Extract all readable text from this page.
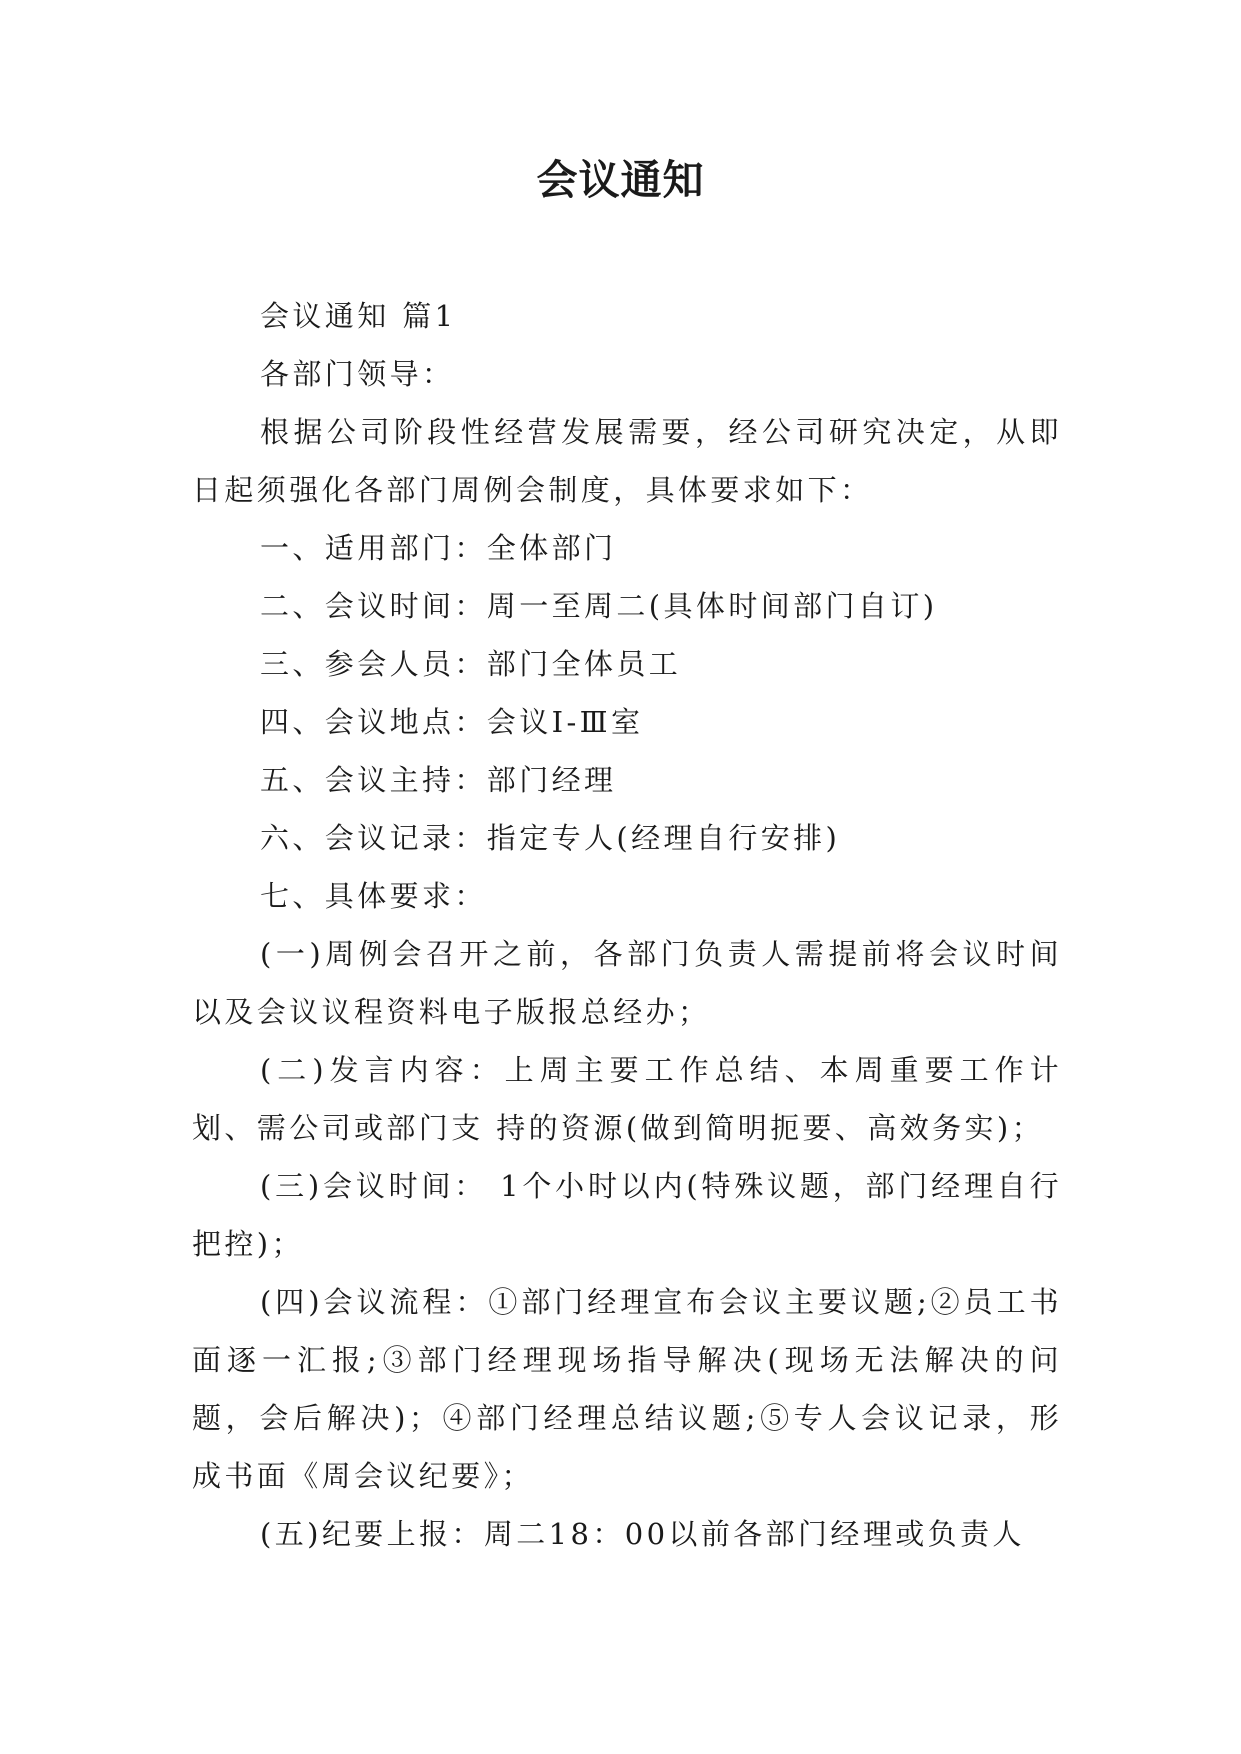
会议通知

会议通知 篇1

各部门领导：

根据公司阶段性经营发展需要，经公司研究决定，从即日起须强化各部门周例会制度，具体要求如下：

一、适用部门：全体部门

二、会议时间：周一至周二(具体时间部门自订)

三、参会人员：部门全体员工

四、会议地点：会议Ⅰ-Ⅲ室

五、会议主持：部门经理

六、会议记录：指定专人(经理自行安排)

七、具体要求：

(一)周例会召开之前，各部门负责人需提前将会议时间以及会议议程资料电子版报总经办；

(二)发言内容：上周主要工作总结、本周重要工作计划、需公司或部门支 持的资源(做到简明扼要、高效务实)；

(三)会议时间： 1个小时以内(特殊议题，部门经理自行把控)；

(四)会议流程：①部门经理宣布会议主要议题;②员工书面逐一汇报;③部门经理现场指导解决(现场无法解决的问题，会后解决)；④部门经理总结议题;⑤专人会议记录，形成书面《周会议纪要》；

(五)纪要上报：周二18：00以前各部门经理或负责人
